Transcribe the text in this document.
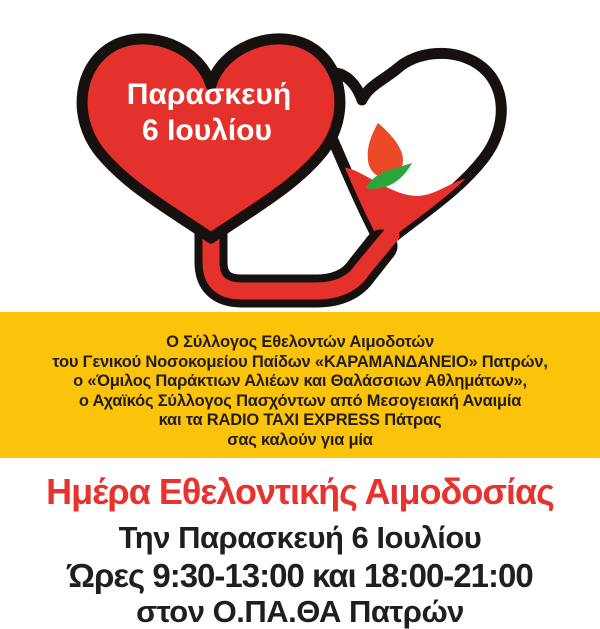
Παρασκευή
6 Ιουλίου
Ο Σύλλογος Εθελοντών Αιμοδοτών
του Γενικού Νοσοκομείου Παίδων «ΚΑΡΑΜΑΝΔΑΝΕΙΟ» Πατρών,
ο «Όμιλος Παράκτιων Αλιέων και Θαλάσσιων Αθλημάτων»,
ο Αχαϊκός Σύλλογος Πασχόντων από Μεσογειακή Αναιμία
και τα RADIO TAXI EXPRESS Πάτρας
σας καλούν για μία
Ημέρα Εθελοντικής Αιμοδοσίας
Την Παρασκευή 6 Ιουλίου
Ώρες 9:30-13:00 και 18:00-21:00
στον Ο.ΠΑ.ΘΑ Πατρών
